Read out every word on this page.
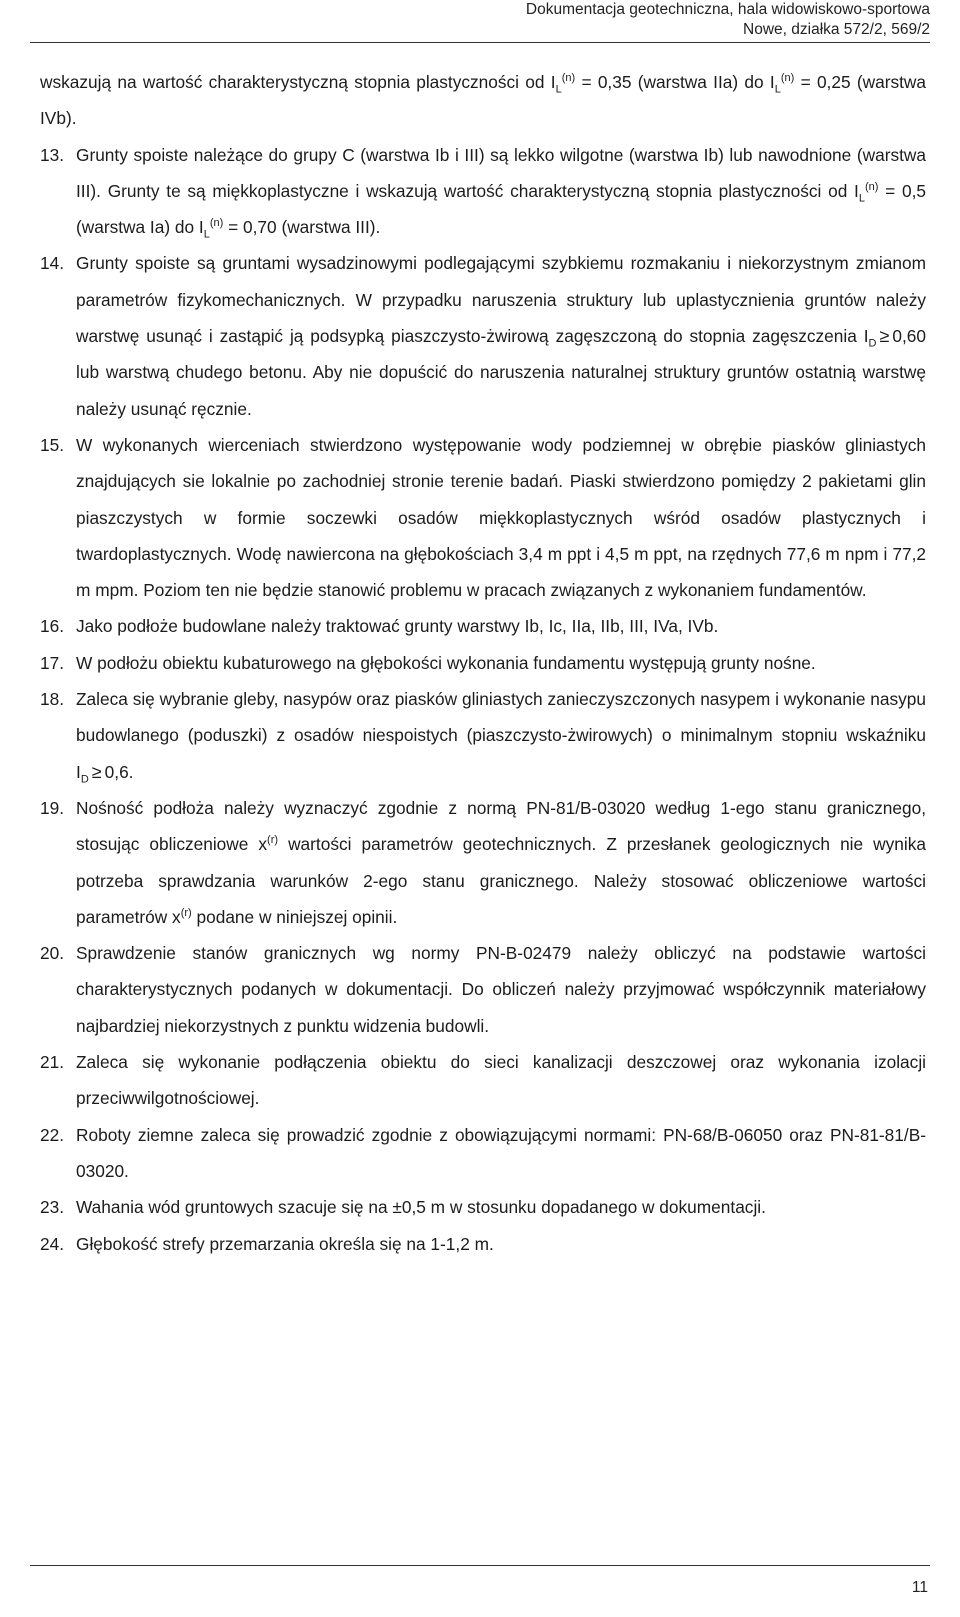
Dokumentacja geotechniczna, hala widowiskowo-sportowa
Nowe, działka 572/2, 569/2

wskazują na wartość charakterystyczną stopnia plastyczności od $I_L^{(n)} = 0,35$ (warstwa IIa) do $I_L^{(n)} = 0,25$ (warstwa IVb).

13. Grunty spoiste należące do grupy C (warstwa Ib i III) są lekko wilgotne (warstwa Ib) lub nawodnione (warstwa III). Grunty te są miękkoplastyczne i wskazują wartość charakterystyczną stopnia plastyczności od $I_L^{(n)} = 0,5$ (warstwa Ia) do $I_L^{(n)} = 0,70$ (warstwa III).
14. Grunty spoiste są gruntami wysadzinowymi podlegającymi szybkiemu rozmakaniu i niekorzystnym zmianom parametrów fizykomechanicznych. W przypadku naruszenia struktury lub uplastycznienia gruntów należy warstwę usunąć i zastąpić ją podsypką piaszczysto-żwirową zagęszczoną do stopnia zagęszczenia $I_D \ge 0,60$ lub warstwą chudego betonu. Aby nie dopuścić do naruszenia naturalnej struktury gruntów ostatnią warstwę należy usunąć ręcznie.
15. W wykonanych wierceniach stwierdzono występowanie wody podziemnej w obrębie piasków gliniastych znajdujących sie lokalnie po zachodniej stronie terenie badań. Piaski stwierdzono pomiędzy 2 pakietami glin piaszczystych w formie soczewki osadów miękkoplastycznych wśród osadów plastycznych i twardoplastycznych. Wodę nawiercona na głębokościach 3,4 m ppt i 4,5 m ppt, na rzędnych 77,6 m npm i 77,2 m mpm. Poziom ten nie będzie stanowić problemu w pracach związanych z wykonaniem fundamentów.
16. Jako podłoże budowlane należy traktować grunty warstwy Ib, Ic, IIa, IIb, III, IVa, IVb.
17. W podłożu obiektu kubaturowego na głębokości wykonania fundamentu występują grunty nośne.
18. Zaleca się wybranie gleby, nasypów oraz piasków gliniastych zanieczyszczonych nasypem i wykonanie nasypu budowlanego (poduszki) z osadów niespoistych (piaszczysto-żwirowych) o minimalnym stopniu wskaźniku $I_D \ge 0,6$.
19. Nośność podłoża należy wyznaczyć zgodnie z normą PN-81/B-03020 według 1-ego stanu granicznego, stosując obliczeniowe $x^{(r)}$ wartości parametrów geotechnicznych. Z przesłanek geologicznych nie wynika potrzeba sprawdzania warunków 2-ego stanu granicznego. Należy stosować obliczeniowe wartości parametrów $x^{(r)}$ podane w niniejszej opinii.
20. Sprawdzenie stanów granicznych wg normy PN-B-02479 należy obliczyć na podstawie wartości charakterystycznych podanych w dokumentacji. Do obliczeń należy przyjmować współczynnik materiałowy najbardziej niekorzystnych z punktu widzenia budowli.
21. Zaleca się wykonanie podłączenia obiektu do sieci kanalizacji deszczowej oraz wykonania izolacji przeciwwilgotnościowej.
22. Roboty ziemne zaleca się prowadzić zgodnie z obowiązującymi normami: PN-68/B-06050 oraz PN-81-81/B-03020.
23. Wahania wód gruntowych szacuje się na ±0,5 m w stosunku dopadanego w dokumentacji.
24. Głębokość strefy przemarzania określa się na 1-1,2 m.
11
